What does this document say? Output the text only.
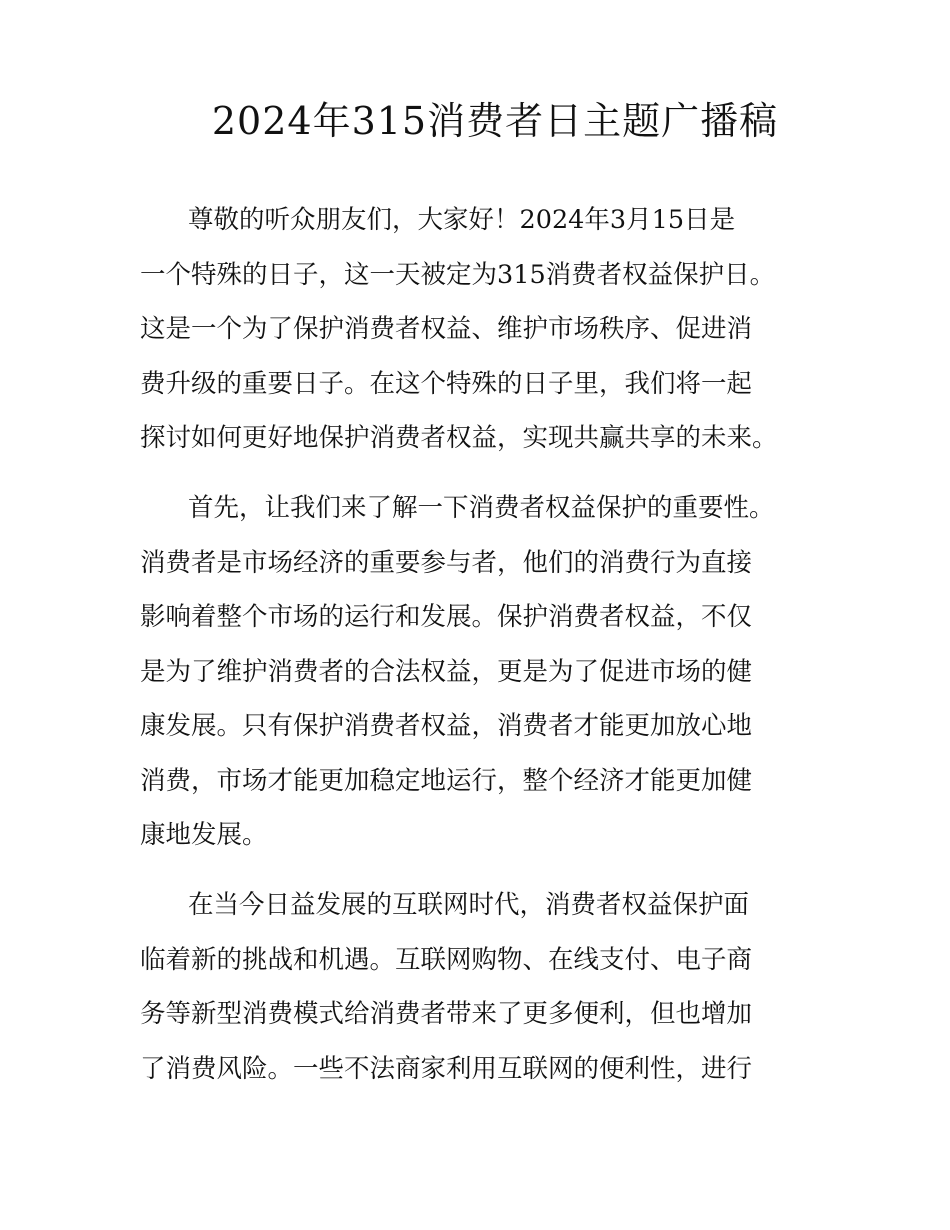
2024年315消费者日主题广播稿
尊敬的听众朋友们，大家好！2024年3月15日是
一个特殊的日子，这一天被定为315消费者权益保护日。
这是一个为了保护消费者权益、维护市场秩序、促进消
费升级的重要日子。在这个特殊的日子里，我们将一起
探讨如何更好地保护消费者权益，实现共赢共享的未来。
首先，让我们来了解一下消费者权益保护的重要性。
消费者是市场经济的重要参与者，他们的消费行为直接
影响着整个市场的运行和发展。保护消费者权益，不仅
是为了维护消费者的合法权益，更是为了促进市场的健
康发展。只有保护消费者权益，消费者才能更加放心地
消费，市场才能更加稳定地运行，整个经济才能更加健
康地发展。
在当今日益发展的互联网时代，消费者权益保护面
临着新的挑战和机遇。互联网购物、在线支付、电子商
务等新型消费模式给消费者带来了更多便利，但也增加
了消费风险。一些不法商家利用互联网的便利性，进行
